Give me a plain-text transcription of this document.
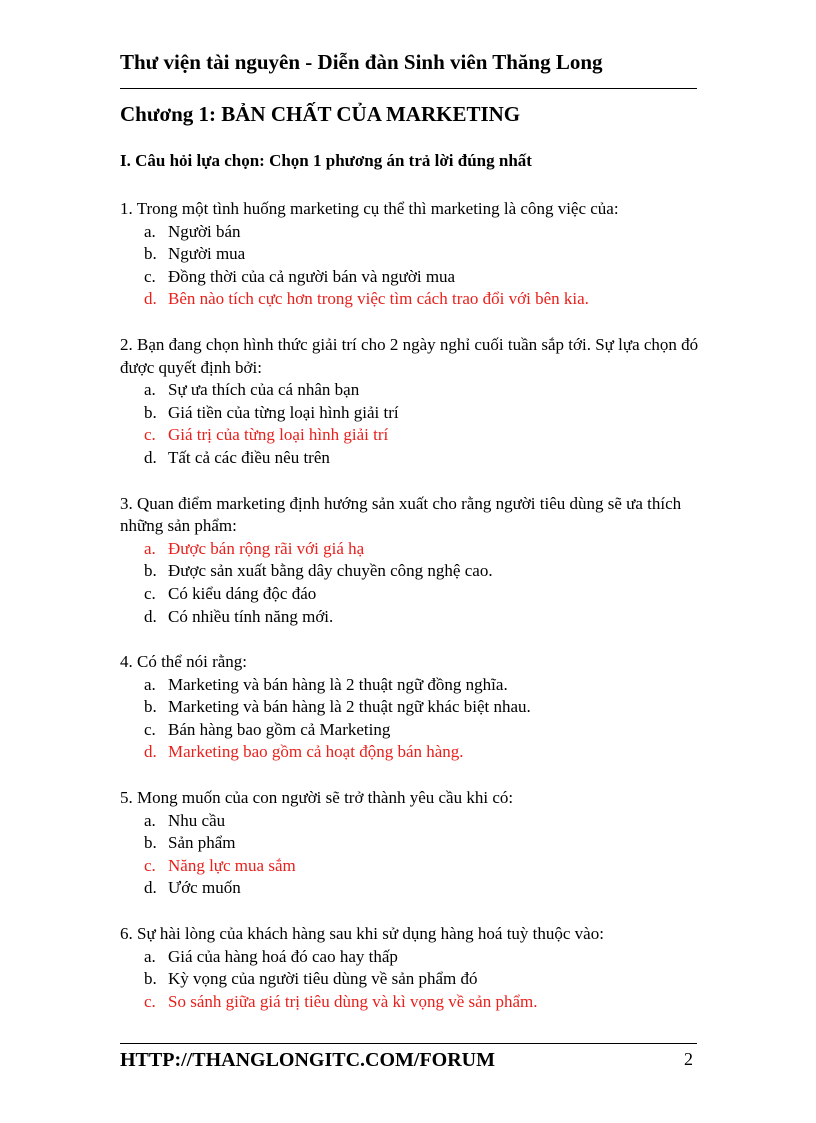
Thư viện tài nguyên - Diễn đàn Sinh viên Thăng Long
Chương 1: BẢN CHẤT CỦA MARKETING
I. Câu hỏi lựa chọn: Chọn 1 phương án trả lời đúng nhất
1. Trong một tình huống marketing cụ thể thì marketing là công việc của:
a. Người bán
b. Người mua
c. Đồng thời của cả người bán và người mua
d. Bên nào tích cực hơn trong việc tìm cách trao đổi với bên kia.
2. Bạn đang chọn hình thức giải trí cho 2 ngày nghỉ cuối tuần sắp tới. Sự lựa chọn đó được quyết định bởi:
a. Sự ưa thích của cá nhân bạn
b. Giá tiền của từng loại hình giải trí
c. Giá trị của từng loại hình giải trí
d. Tất cả các điều nêu trên
3. Quan điểm marketing định hướng sản xuất cho rằng người tiêu dùng sẽ ưa thích những sản phẩm:
a. Được bán rộng rãi với giá hạ
b. Được sản xuất bằng dây chuyền công nghệ cao.
c. Có kiểu dáng độc đáo
d. Có nhiều tính năng mới.
4. Có thể nói rằng:
a. Marketing và bán hàng là 2 thuật ngữ đồng nghĩa.
b. Marketing và bán hàng là 2 thuật ngữ khác biệt nhau.
c. Bán hàng bao gồm cả Marketing
d. Marketing bao gồm cả hoạt động bán hàng.
5. Mong muốn của con người sẽ trở thành yêu cầu khi có:
a. Nhu cầu
b. Sản phẩm
c. Năng lực mua sắm
d. Ước muốn
6. Sự hài lòng của khách hàng sau khi sử dụng hàng hoá tuỳ thuộc vào:
a. Giá của hàng hoá đó cao hay thấp
b. Kỳ vọng của người tiêu dùng về sản phẩm đó
c. So sánh giữa giá trị tiêu dùng và kì vọng về sản phẩm.
HTTP://THANGLONGITC.COM/FORUM	2
